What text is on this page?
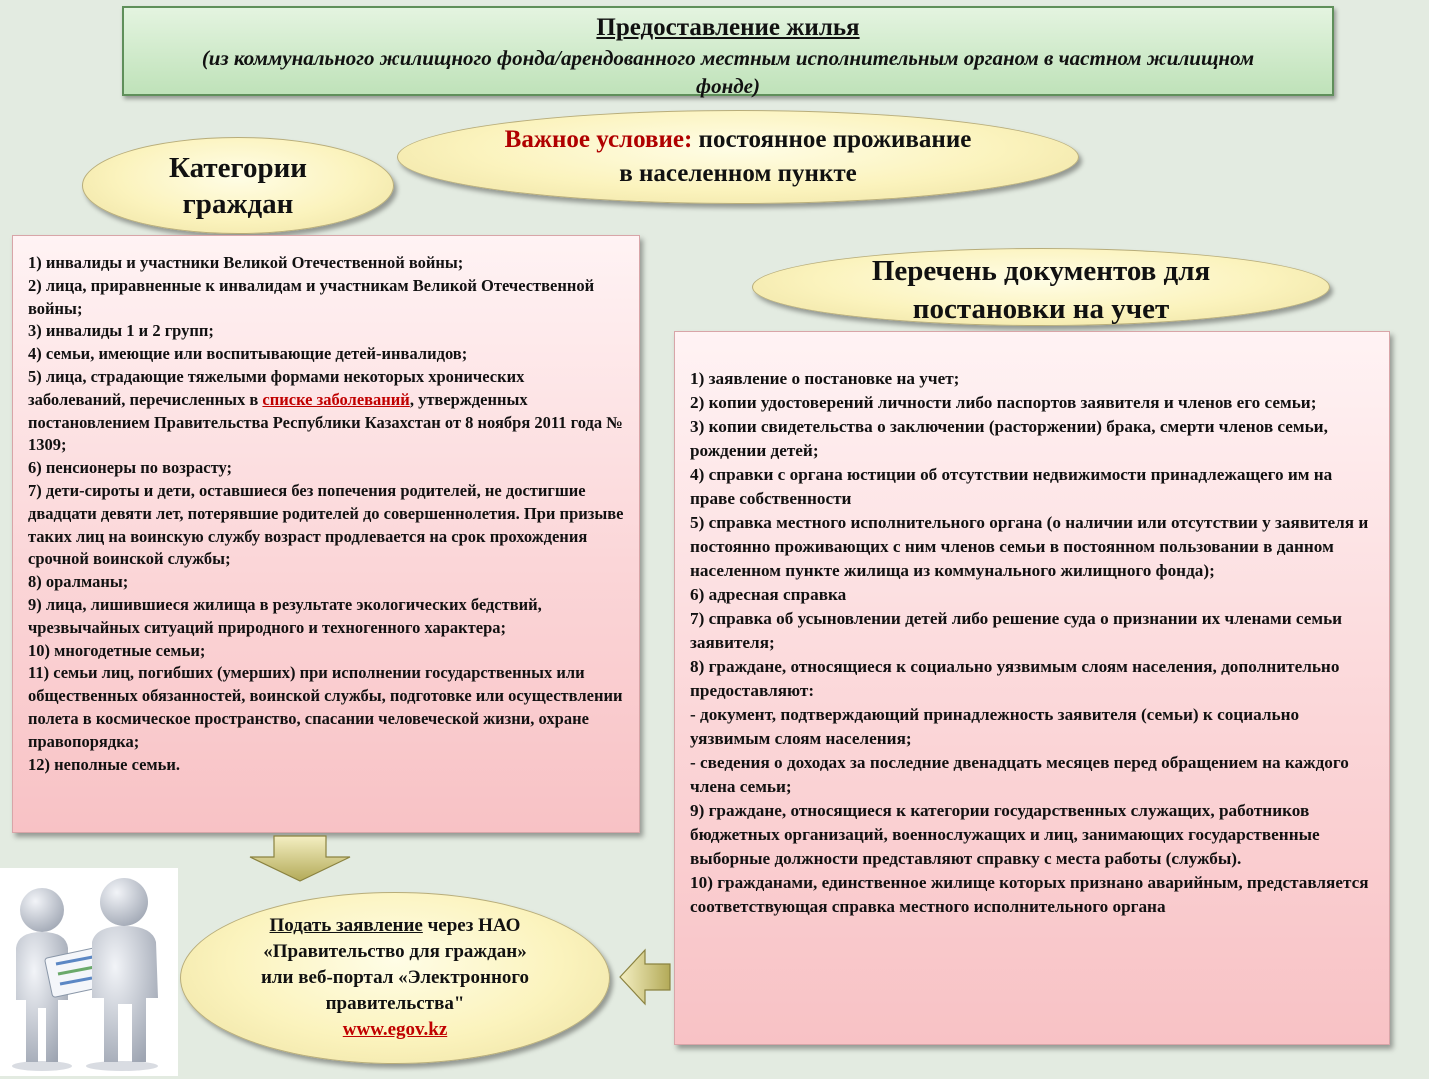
Предоставление жилья
(из коммунального жилищного фонда/арендованного местным исполнительным органом в частном жилищном фонде)
Категории граждан
Важное условие: постоянное проживание в населенном пункте
Перечень документов для постановки на учет

1) инвалиды и участники Великой Отечественной войны;

2) лица, приравненные к инвалидам и участникам Великой Отечественной войны;

3) инвалиды 1 и 2 групп;

4) семьи, имеющие или воспитывающие детей-инвалидов;

5) лица, страдающие тяжелыми формами некоторых хронических заболеваний, перечисленных в списке заболеваний, утвержденных постановлением Правительства Республики Казахстан от 8 ноября 2011 года № 1309;

6) пенсионеры по возрасту;

7) дети-сироты и дети, оставшиеся без попечения родителей, не достигшие двадцати девяти лет, потерявшие родителей до совершеннолетия. При призыве таких лиц на воинскую службу возраст продлевается на срок прохождения срочной воинской службы;

8) оралманы;

9) лица, лишившиеся жилища в результате экологических бедствий, чрезвычайных ситуаций природного и техногенного характера;

10) многодетные семьи;

11) семьи лиц, погибших (умерших) при исполнении государственных или общественных обязанностей, воинской службы, подготовке или осуществлении полета в космическое пространство, спасании человеческой жизни, охране правопорядка;

12) неполные семьи.

1) заявление о постановке на учет;

2) копии удостоверений личности либо паспортов заявителя и членов его семьи;

3) копии свидетельства о заключении (расторжении) брака, смерти членов семьи, рождении детей;

4) справки с органа юстиции об отсутствии недвижимости принадлежащего им на праве собственности

5) справка местного исполнительного органа (о наличии или отсутствии у заявителя и постоянно проживающих с ним членов семьи в постоянном пользовании в данном населенном пункте жилища из коммунального жилищного фонда);

6) адресная справка

7) справка об усыновлении детей либо решение суда о признании их членами семьи заявителя;

8) граждане, относящиеся к социально уязвимым слоям населения, дополнительно предоставляют:

- документ, подтверждающий принадлежность заявителя (семьи) к социально уязвимым слоям населения;

- сведения о доходах за последние двенадцать месяцев перед обращением на каждого члена семьи;

9) граждане, относящиеся к категории государственных служащих, работников бюджетных организаций, военнослужащих и лиц, занимающих государственные выборные должности представляют справку с места работы (службы).

10) гражданами, единственное жилище которых признано аварийным, представляется соответствующая справка местного исполнительного органа

Подать заявление через НАО «Правительство для граждан» или веб-портал «Электронного правительства"
www.egov.kz
